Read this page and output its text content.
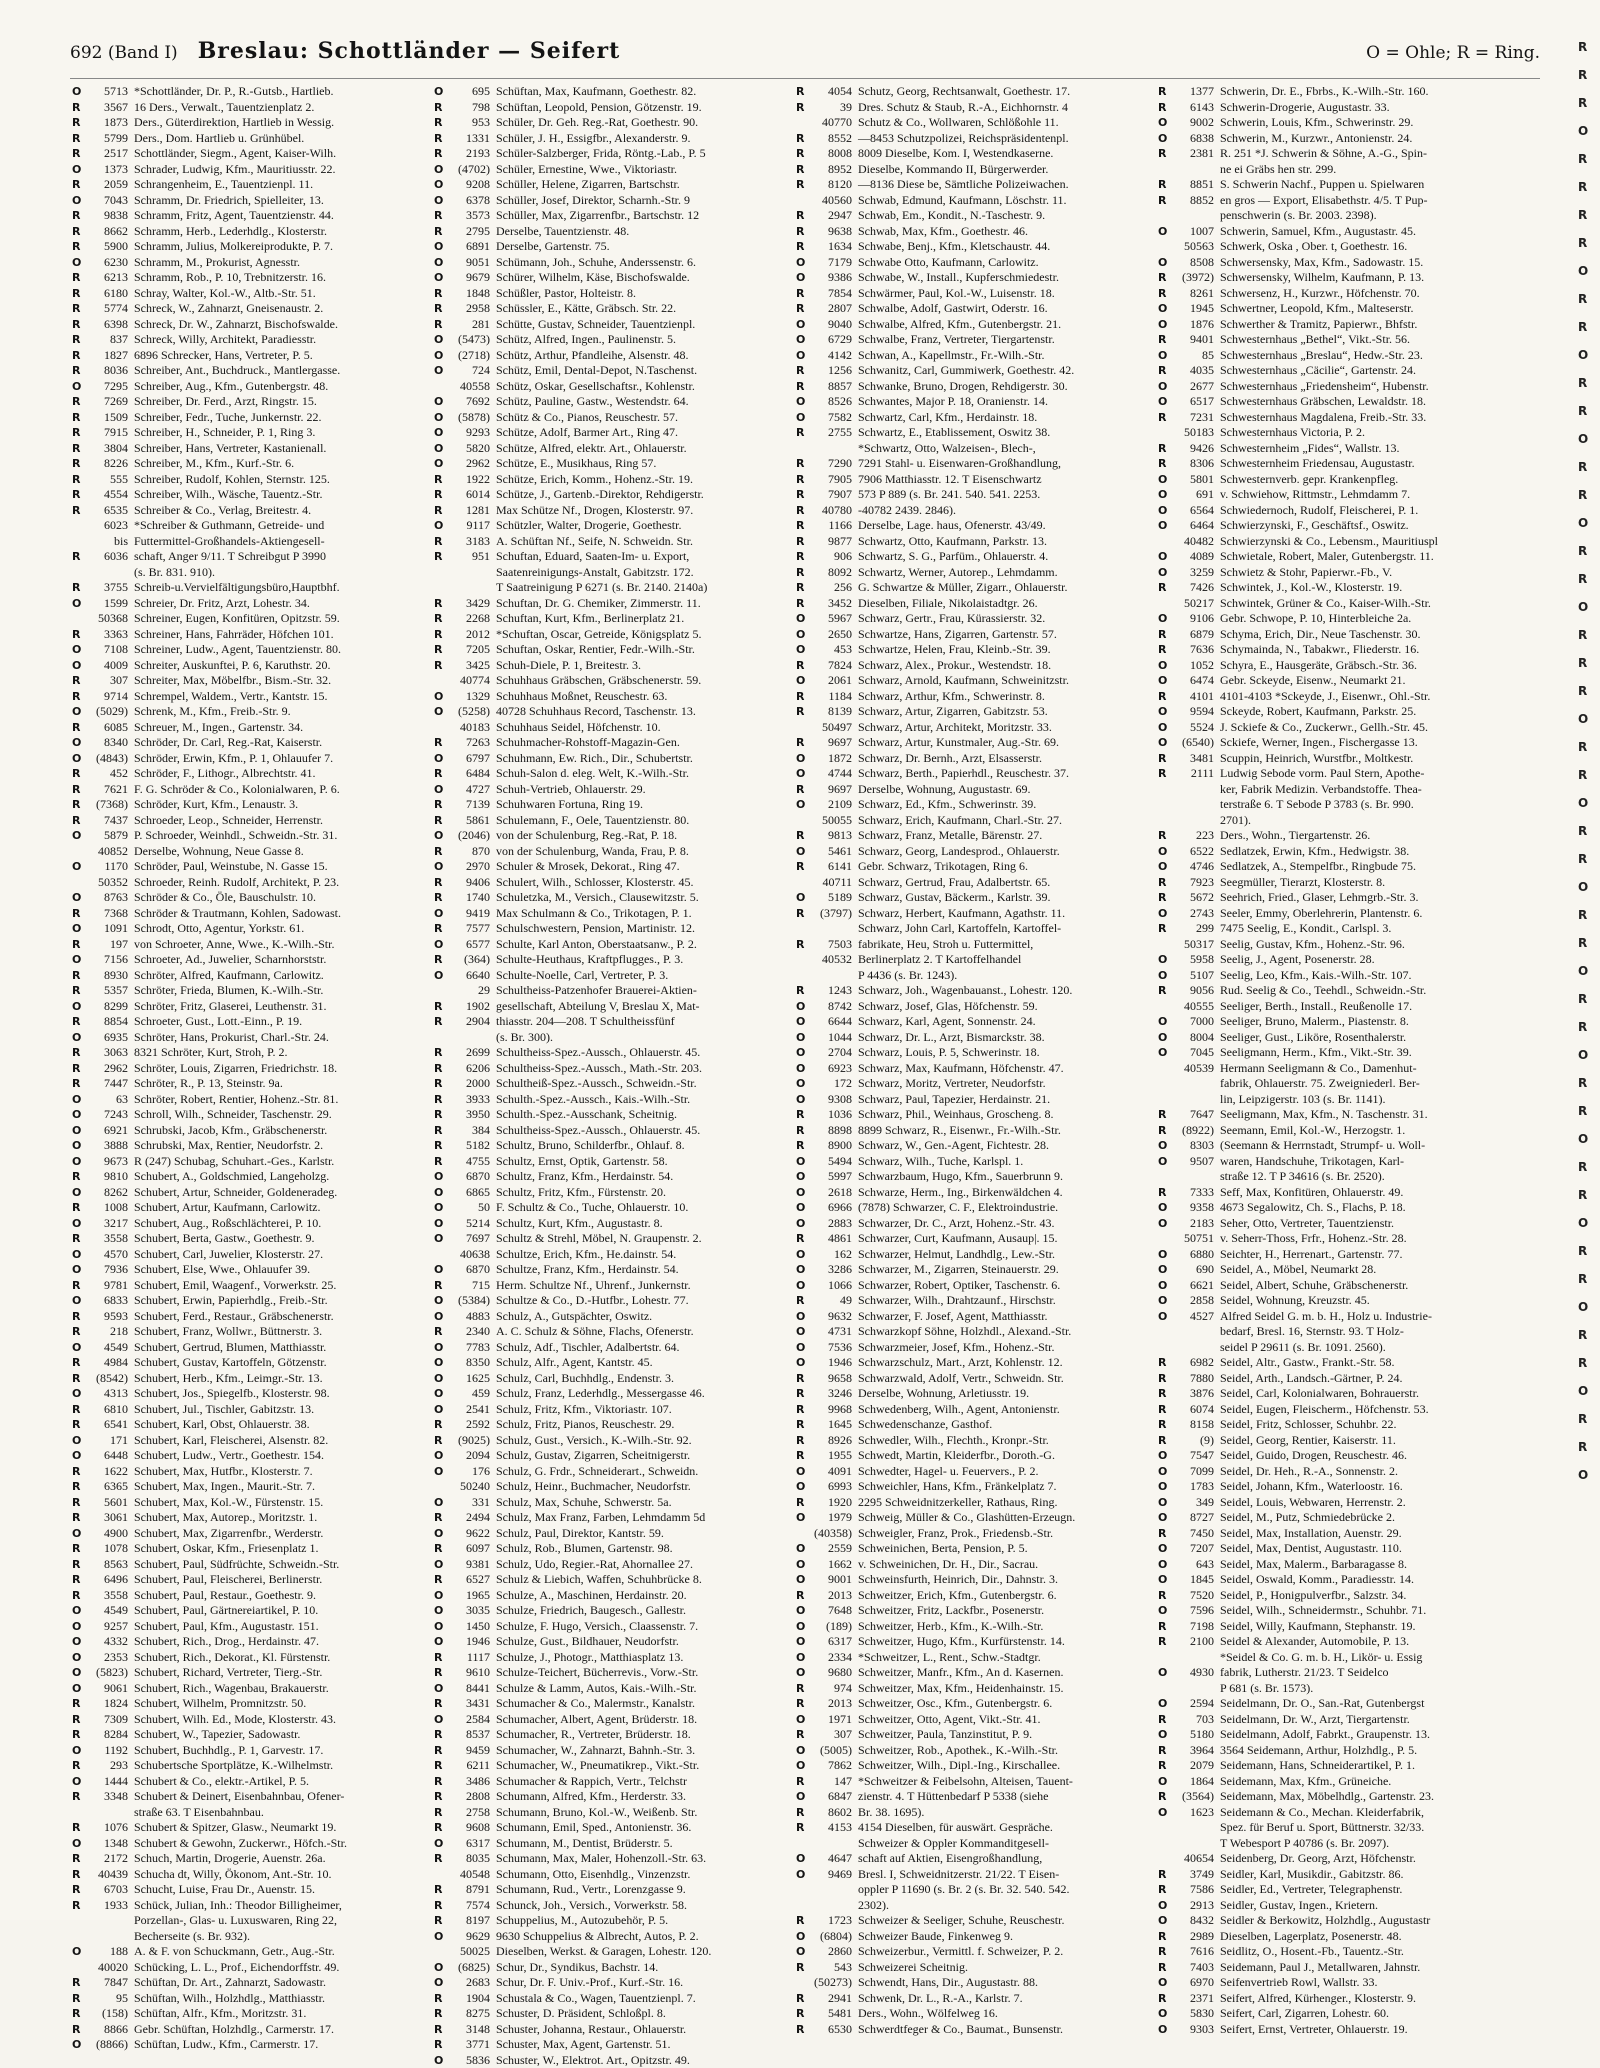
692 (Band I) Breslau: Schottländer — Seifert	O = Ohle; R = Ring.
O	5713 *Schottländer, Dr. P., R.-Gutsb., Hartlieb.
R	3567 16 Ders., Verwalt., Tauentzienplatz 2.
R	1873 Ders., Güterdirektion, Hartlieb in Wessig.
R	5799 Ders., Dom. Hartlieb u. Grünhübel.
R	2517 Schottländer, Siegm., Agent, Kaiser-Wilh.
O	1373 Schrader, Ludwig, Kfm., Mauritiusstr. 22.
R	2059 Schrangenheim, E., Tauentzienpl. 11.
O	7043 Schramm, Dr. Friedrich, Spielleiter, 13.
R	9838 Schramm, Fritz, Agent, Tauentzienstr. 44.
R	8662 Schramm, Herb., Lederhdlg., Klosterstr.
R	5900 Schramm, Julius, Molkereiprodukte, P. 7.
O	6230 Schramm, M., Prokurist, Agnesstr.
R	6213 Schramm, Rob., P. 10, Trebnitzerstr. 16.
R	6180 Schray, Walter, Kol.-W., Altb.-Str. 51.
R	5774 Schreck, W., Zahnarzt, Gneisenaustr. 2.
R	6398 Schreck, Dr. W., Zahnarzt, Bischofswalde.
R	837 Schreck, Willy, Architekt, Paradiesstr.
R	1827 6896 Schrecker, Hans, Vertreter, P. 5.
R	8036 Schreiber, Ant., Buchdruck., Mantlergasse.
O	7295 Schreiber, Aug., Kfm., Gutenbergstr. 48.
R	7269 Schreiber, Dr. Ferd., Arzt, Ringstr. 15.
R	1509 Schreiber, Fedr., Tuche, Junkernstr. 22.
R	7915 Schreiber, H., Schneider, P. 1, Ring 3.
R	3804 Schreiber, Hans, Vertreter, Kastanienall.
R	8226 Schreiber, M., Kfm., Kurf.-Str. 6.
R	555 Schreiber, Rudolf, Kohlen, Sternstr. 125.
R	4554 Schreiber, Wilh., Wäsche, Tauentz.-Str.
R	6535 Schreiber & Co., Verlag, Breitestr. 4.
6023 *Schreiber & Guthmann, Getreide- und
bis Futtermittel-Großhandels-Aktiengesell-
R	6036 schaft, Anger 9/11. T Schreibgut P 3990
(s. Br. 831. 910).
R	3755 Schreib-u.Vervielfältigungsbüro,Hauptbhf.
O	1599 Schreier, Dr. Fritz, Arzt, Lohestr. 34.
50368 Schreiner, Eugen, Konfitüren, Opitzstr. 59.
R	3363 Schreiner, Hans, Fahrräder, Höfchen 101.
O	7108 Schreiner, Ludw., Agent, Tauentzienstr. 80.
O	4009 Schreiter, Auskunftei, P. 6, Karuthstr. 20.
R	307 Schreiter, Max, Möbelfbr., Bism.-Str. 32.
R	9714 Schrempel, Waldem., Vertr., Kantstr. 15.
O	(5029) Schrenk, M., Kfm., Freib.-Str. 9.
R	6085 Schreuer, M., Ingen., Gartenstr. 34.
O	8340 Schröder, Dr. Carl, Reg.-Rat, Kaiserstr.
O	(4843) Schröder, Erwin, Kfm., P. 1, Ohlauufer 7.
R	452 Schröder, F., Lithogr., Albrechtstr. 41.
R	7621 F. G. Schröder & Co., Kolonialwaren, P. 6.
R	(7368) Schröder, Kurt, Kfm., Lenaustr. 3.
R	7437 Schroeder, Leop., Schneider, Herrenstr.
O	5879 P. Schroeder, Weinhdl., Schweidn.-Str. 31.
40852 Derselbe, Wohnung, Neue Gasse 8.
O	1170 Schröder, Paul, Weinstube, N. Gasse 15.
50352 Schroeder, Reinh. Rudolf, Architekt, P. 23.
O	8763 Schröder & Co., Öle, Bauschulstr. 10.
R	7368 Schröder & Trautmann, Kohlen, Sadowast.
O	1091 Schrodt, Otto, Agentur, Yorkstr. 61.
R	197 von Schroeter, Anne, Wwe., K.-Wilh.-Str.
O	7156 Schroeter, Ad., Juwelier, Scharnhorststr.
R	8930 Schröter, Alfred, Kaufmann, Carlowitz.
R	5357 Schröter, Frieda, Blumen, K.-Wilh.-Str.
O	8299 Schröter, Fritz, Glaserei, Leuthenstr. 31.
R	8854 Schroeter, Gust., Lott.-Einn., P. 19.
O	6935 Schröter, Hans, Prokurist, Charl.-Str. 24.
R	3063 8321 Schröter, Kurt, Stroh, P. 2.
R	2962 Schröter, Louis, Zigarren, Friedrichstr. 18.
R	7447 Schröter, R., P. 13, Steinstr. 9a.
O	63 Schröter, Robert, Rentier, Hohenz.-Str. 81.
O	7243 Schroll, Wilh., Schneider, Taschenstr. 29.
O	6921 Schrubski, Jacob, Kfm., Gräbschenerstr.
O	3888 Schrubski, Max, Rentier, Neudorfstr. 2.
O	9673 R (247) Schubag, Schuhart.-Ges., Karlstr.
R	9810 Schubert, A., Goldschmied, Langeholzg.
O	8262 Schubert, Artur, Schneider, Goldeneradeg.
R	1008 Schubert, Artur, Kaufmann, Carlowitz.
O	3217 Schubert, Aug., Roßschlächterei, P. 10.
R	3558 Schubert, Berta, Gastw., Goethestr. 9.
O	4570 Schubert, Carl, Juwelier, Klosterstr. 27.
O	7936 Schubert, Else, Wwe., Ohlauufer 39.
R	9781 Schubert, Emil, Waagenf., Vorwerkstr. 25.
O	6833 Schubert, Erwin, Papierhdlg., Freib.-Str.
R	9593 Schubert, Ferd., Restaur., Gräbschenerstr.
R	218 Schubert, Franz, Wollwr., Büttnerstr. 3.
O	4549 Schubert, Gertrud, Blumen, Matthiasstr.
R	4984 Schubert, Gustav, Kartoffeln, Götzenstr.
R	(8542) Schubert, Herb., Kfm., Leimgr.-Str. 13.
O	4313 Schubert, Jos., Spiegelfb., Klosterstr. 98.
R	6810 Schubert, Jul., Tischler, Gabitzstr. 13.
R	6541 Schubert, Karl, Obst, Ohlauerstr. 38.
O	171 Schubert, Karl, Fleischerei, Alsenstr. 82.
O	6448 Schubert, Ludw., Vertr., Goethestr. 154.
R	1622 Schubert, Max, Hutfbr., Klosterstr. 7.
R	6365 Schubert, Max, Ingen., Maurit.-Str. 7.
R	5601 Schubert, Max, Kol.-W., Fürstenstr. 15.
R	3061 Schubert, Max, Autorep., Moritzstr. 1.
O	4900 Schubert, Max, Zigarrenfbr., Werderstr.
R	1078 Schubert, Oskar, Kfm., Friesenplatz 1.
R	8563 Schubert, Paul, Südfrüchte, Schweidn.-Str.
R	6496 Schubert, Paul, Fleischerei, Berlinerstr.
R	3558 Schubert, Paul, Restaur., Goethestr. 9.
O	4549 Schubert, Paul, Gärtnereiartikel, P. 10.
O	9257 Schubert, Paul, Kfm., Augustastr. 151.
O	4332 Schubert, Rich., Drog., Herdainstr. 47.
O	2353 Schubert, Rich., Dekorat., Kl. Fürstenstr.
O	(5823) Schubert, Richard, Vertreter, Tierg.-Str.
O	9061 Schubert, Rich., Wagenbau, Brakauerstr.
R	1824 Schubert, Wilhelm, Promnitzstr. 50.
R	7309 Schubert, Wilh. Ed., Mode, Klosterstr. 43.
R	8284 Schubert, W., Tapezier, Sadowastr.
O	1192 Schubert, Buchhdlg., P. 1, Garvestr. 17.
R	293 Schubertsche Sportplätze, K.-Wilhelmstr.
O	1444 Schubert & Co., elektr.-Artikel, P. 5.
R	3348 Schubert & Deinert, Eisenbahnbau, Ofener-
straße 63. T Eisenbahnbau.
R	1076 Schubert & Spitzer, Glasw., Neumarkt 19.
O	1348 Schubert & Gewohn, Zuckerwr., Höfch.-Str.
R	2172 Schuch, Martin, Drogerie, Auenstr. 26a.
R	40439 Schucha dt, Willy, Ökonom, Ant.-Str. 10.
R	6703 Schucht, Luise, Frau Dr., Auenstr. 15.
R	1933 Schück, Julian, Inh.: Theodor Billigheimer,
Porzellan-, Glas- u. Luxuswaren, Ring 22,
Becherseite (s. Br. 932).
O	188 A. & F. von Schuckmann, Getr., Aug.-Str.
40020 Schücking, L. L., Prof., Eichendorffstr. 49.
R	7847 Schüftan, Dr. Art., Zahnarzt, Sadowastr.
R	95 Schüftan, Wilh., Holzhdlg., Matthiasstr.
R	(158) Schüftan, Alfr., Kfm., Moritzstr. 31.
R	8866 Gebr. Schüftan, Holzhdlg., Carmerstr. 17.
O	(8866) Schüftan, Ludw., Kfm., Carmerstr. 17.
O	695 Schüftan, Max, Kaufmann, Goethestr. 82.
R	798 Schüftan, Leopold, Pension, Götzenstr. 19.
R	953 Schüler, Dr. Geh. Reg.-Rat, Goethestr. 90.
R	1331 Schüler, J. H., Essigfbr., Alexanderstr. 9.
R	2193 Schüler-Salzberger, Frida, Röntg.-Lab., P. 5
O	(4702) Schüler, Ernestine, Wwe., Viktoriastr.
O	9208 Schüller, Helene, Zigarren, Bartschstr.
O	6378 Schüller, Josef, Direktor, Scharnh.-Str. 9
R	3573 Schüller, Max, Zigarrenfbr., Bartschstr. 12
R	2795 Derselbe, Tauentzienstr. 48.
O	6891 Derselbe, Gartenstr. 75.
O	9051 Schümann, Joh., Schuhe, Anderssenstr. 6.
O	9679 Schürer, Wilhelm, Käse, Bischofswalde.
R	1848 Schüßler, Pastor, Holteistr. 8.
R	2958 Schüssler, E., Kätte, Gräbsch. Str. 22.
R	281 Schütte, Gustav, Schneider, Tauentzienpl.
O	(5473) Schütz, Alfred, Ingen., Paulinenstr. 5.
O	(2718) Schütz, Arthur, Pfandleihe, Alsenstr. 48.
O	724 Schütz, Emil, Dental-Depot, N.Taschenst.
40558 Schütz, Oskar, Gesellschaftsr., Kohlenstr.
O	7692 Schütz, Pauline, Gastw., Westendstr. 64.
O	(5878) Schütz & Co., Pianos, Reuschestr. 57.
O	9293 Schütze, Adolf, Barmer Art., Ring 47.
O	5820 Schütze, Alfred, elektr. Art., Ohlauerstr.
O	2962 Schütze, E., Musikhaus, Ring 57.
R	1922 Schütze, Erich, Komm., Hohenz.-Str. 19.
R	6014 Schütze, J., Gartenb.-Direktor, Rehdigerstr.
R	1281 Max Schütze Nf., Drogen, Klosterstr. 97.
O	9117 Schützler, Walter, Drogerie, Goethestr.
R	3183 A. Schüftan Nf., Seife, N. Schweidn. Str.
R	951 Schuftan, Eduard, Saaten-Im- u. Export,
Saatenreinigungs-Anstalt, Gabitzstr. 172.
T Saatreinigung P 6271 (s. Br. 2140. 2140a)
R	3429 Schuftan, Dr. G. Chemiker, Zimmerstr. 11.
R	2268 Schuftan, Kurt, Kfm., Berlinerplatz 21.
R	2012 *Schuftan, Oscar, Getreide, Königsplatz 5.
R	7205 Schuftan, Oskar, Rentier, Fedr.-Wilh.-Str.
R	3425 Schuh-Diele, P. 1, Breitestr. 3.
40774 Schuhhaus Gräbschen, Gräbschenerstr. 59.
O	1329 Schuhhaus Moßnet, Reuschestr. 63.
O	(5258) 40728 Schuhhaus Record, Taschenstr. 13.
40183 Schuhhaus Seidel, Höfchenstr. 10.
R	7263 Schuhmacher-Rohstoff-Magazin-Gen.
O	6797 Schuhmann, Ew. Rich., Dir., Schubertstr.
R	6484 Schuh-Salon d. eleg. Welt, K.-Wilh.-Str.
O	4727 Schuh-Vertrieb, Ohlauerstr. 29.
R	7139 Schuhwaren Fortuna, Ring 19.
R	5861 Schulemann, F., Oele, Tauentzienstr. 80.
O	(2046) von der Schulenburg, Reg.-Rat, P. 18.
R	870 von der Schulenburg, Wanda, Frau, P. 8.
O	2970 Schuler & Mrosek, Dekorat., Ring 47.
R	9406 Schulert, Wilh., Schlosser, Klosterstr. 45.
R	1740 Schuletzka, M., Versich., Clausewitzstr. 5.
O	9419 Max Schulmann & Co., Trikotagen, P. 1.
R	7577 Schulschwestern, Pension, Martinistr. 12.
O	6577 Schulte, Karl Anton, Oberstaatsanw., P. 2.
R	(364) Schulte-Heuthaus, Kraftpflugges., P. 3.
O	6640 Schulte-Noelle, Carl, Vertreter, P. 3.
29 Schultheiss-Patzenhofer Brauerei-Aktien-
R	1902 gesellschaft, Abteilung V, Breslau X, Mat-
R	2904 thiasstr. 204—208. T Schultheissfünf
(s. Br. 300).
R	2699 Schultheiss-Spez.-Aussch., Ohlauerstr. 45.
R	6206 Schultheiss-Spez.-Aussch., Math.-Str. 203.
R	2000 Schultheiß-Spez.-Aussch., Schweidn.-Str.
R	3933 Schulth.-Spez.-Aussch., Kais.-Wilh.-Str.
R	3950 Schulth.-Spez.-Ausschank, Scheitnig.
R	384 Schultheiss-Spez.-Aussch., Ohlauerstr. 45.
R	5182 Schultz, Bruno, Schilderfbr., Ohlauf. 8.
R	4755 Schultz, Ernst, Optik, Gartenstr. 58.
O	6870 Schultz, Franz, Kfm., Herdainstr. 54.
O	6865 Schultz, Fritz, Kfm., Fürstenstr. 20.
O	50 F. Schultz & Co., Tuche, Ohlauerstr. 10.
O	5214 Schultz, Kurt, Kfm., Augustastr. 8.
O	7697 Schultz & Strehl, Möbel, N. Graupenstr. 2.
40638 Schultze, Erich, Kfm., He.dainstr. 54.
O	6870 Schultze, Franz, Kfm., Herdainstr. 54.
R	715 Herm. Schultze Nf., Uhrenf., Junkernstr.
O	(5384) Schultze & Co., D.-Hutfbr., Lohestr. 77.
O	4883 Schulz, A., Gutspächter, Oswitz.
R	2340 A. C. Schulz & Söhne, Flachs, Ofenerstr.
O	7783 Schulz, Adf., Tischler, Adalbertstr. 64.
O	8350 Schulz, Alfr., Agent, Kantstr. 45.
O	1625 Schulz, Carl, Buchhdlg., Endenstr. 3.
O	459 Schulz, Franz, Lederhdlg., Messergasse 46.
O	2541 Schulz, Fritz, Kfm., Viktoriastr. 107.
R	2592 Schulz, Fritz, Pianos, Reuschestr. 29.
R	(9025) Schulz, Gust., Versich., K.-Wilh.-Str. 92.
O	2094 Schulz, Gustav, Zigarren, Scheitnigerstr.
O	176 Schulz, G. Frdr., Schneiderart., Schweidn.
50240 Schulz, Heinr., Buchmacher, Neudorfstr.
O	331 Schulz, Max, Schuhe, Schwerstr. 5a.
R	2494 Schulz, Max Franz, Farben, Lehmdamm 5d
O	9622 Schulz, Paul, Direktor, Kantstr. 59.
R	6097 Schulz, Rob., Blumen, Gartenstr. 98.
O	9381 Schulz, Udo, Regier.-Rat, Ahornallee 27.
R	6527 Schulz & Liebich, Waffen, Schuhbrücke 8.
O	1965 Schulze, A., Maschinen, Herdainstr. 20.
O	3035 Schulze, Friedrich, Baugesch., Gallestr.
O	1450 Schulze, F. Hugo, Versich., Claassenstr. 7.
O	1946 Schulze, Gust., Bildhauer, Neudorfstr.
R	1117 Schulze, J., Photogr., Matthiasplatz 13.
R	9610 Schulze-Teichert, Bücherrevis., Vorw.-Str.
O	8441 Schulze & Lamm, Autos, Kais.-Wilh.-Str.
R	3431 Schumacher & Co., Malermstr., Kanalstr.
O	2584 Schumacher, Albert, Agent, Brüderstr. 18.
R	8537 Schumacher, R., Vertreter, Brüderstr. 18.
R	9459 Schumacher, W., Zahnarzt, Bahnh.-Str. 3.
R	6211 Schumacher, W., Pneumatikrep., Vikt.-Str.
R	3486 Schumacher & Rappich, Vertr., Telchstr
R	2808 Schumann, Alfred, Kfm., Herderstr. 33.
R	2758 Schumann, Bruno, Kol.-W., Weißenb. Str.
R	9608 Schumann, Emil, Sped., Antonienstr. 36.
O	6317 Schumann, M., Dentist, Brüderstr. 5.
R	8035 Schumann, Max, Maler, Hohenzoll.-Str. 63.
40548 Schumann, Otto, Eisenhdlg., Vinzenzstr.
R	8791 Schumann, Rud., Vertr., Lorenzgasse 9.
R	7574 Schunck, Joh., Versich., Vorwerkstr. 58.
R	8197 Schuppelius, M., Autozubehör, P. 5.
O	9629 9630 Schuppelius & Albrecht, Autos, P. 2.
50025 Dieselben, Werkst. & Garagen, Lohestr. 120.
O	(6825) Schur, Dr., Syndikus, Bachstr. 14.
O	2683 Schur, Dr. F. Univ.-Prof., Kurf.-Str. 16.
R	1904 Schustala & Co., Wagen, Tauentzienpl. 7.
R	8275 Schuster, D. Präsident, Schloßpl. 8.
R	3148 Schuster, Johanna, Restaur., Ohlauerstr.
R	3771 Schuster, Max, Agent, Gartenstr. 51.
O	5836 Schuster, W., Elektrot. Art., Opitzstr. 49.
R	4054 Schutz, Georg, Rechtsanwalt, Goethestr. 17.
R	39 Dres. Schutz & Staub, R.-A., Eichhornstr. 4
40770 Schutz & Co., Wollwaren, Schlößohle 11.
R	8552 —8453 Schutzpolizei, Reichspräsidentenpl.
R	8008 8009 Dieselbe, Kom. I, Westendkaserne.
R	8952 Dieselbe, Kommando II, Bürgerwerder.
R	8120 —8136 Diese be, Sämtliche Polizeiwachen.
40560 Schwab, Edmund, Kaufmann, Löschstr. 11.
R	2947 Schwab, Em., Kondit., N.-Taschestr. 9.
R	9638 Schwab, Max, Kfm., Goethestr. 46.
R	1634 Schwabe, Benj., Kfm., Kletschaustr. 44.
O	7179 Schwabe Otto, Kaufmann, Carlowitz.
O	9386 Schwabe, W., Install., Kupferschmiedestr.
R	7854 Schwärmer, Paul, Kol.-W., Luisenstr. 18.
R	2807 Schwalbe, Adolf, Gastwirt, Oderstr. 16.
O	9040 Schwalbe, Alfred, Kfm., Gutenbergstr. 21.
O	6729 Schwalbe, Franz, Vertreter, Tiergartenstr.
O	4142 Schwan, A., Kapellmstr., Fr.-Wilh.-Str.
R	1256 Schwanitz, Carl, Gummiwerk, Goethestr. 42.
R	8857 Schwanke, Bruno, Drogen, Rehdigerstr. 30.
O	8526 Schwantes, Major P. 18, Oranienstr. 14.
O	7582 Schwartz, Carl, Kfm., Herdainstr. 18.
R	2755 Schwartz, E., Etablissement, Oswitz 38.
*Schwartz, Otto, Walzeisen-, Blech-,
R	7290 7291 Stahl- u. Eisenwaren-Großhandlung,
R	7905 7906 Matthiasstr. 12. T Eisenschwartz
R	7907 573 P 889 (s. Br. 241. 540. 541. 2253.
R	40780 -40782 2439. 2846).
R	1166 Derselbe, Lage. haus, Ofenerstr. 43/49.
R	9877 Schwartz, Otto, Kaufmann, Parkstr. 13.
R	906 Schwartz, S. G., Parfüm., Ohlauerstr. 4.
R	8092 Schwartz, Werner, Autorep., Lehmdamm.
R	256 G. Schwartze & Müller, Zigarr., Ohlauerstr.
R	3452 Dieselben, Filiale, Nikolaistadtgr. 26.
O	5967 Schwarz, Gertr., Frau, Kürassierstr. 32.
O	2650 Schwartze, Hans, Zigarren, Gartenstr. 57.
O	453 Schwartze, Helen, Frau, Kleinb.-Str. 39.
R	7824 Schwarz, Alex., Prokur., Westendstr. 18.
O	2061 Schwarz, Arnold, Kaufmann, Schweinitzstr.
R	1184 Schwarz, Arthur, Kfm., Schwerinstr. 8.
R	8139 Schwarz, Artur, Zigarren, Gabitzstr. 53.
50497 Schwarz, Artur, Architekt, Moritzstr. 33.
R	9697 Schwarz, Artur, Kunstmaler, Aug.-Str. 69.
O	1872 Schwarz, Dr. Bernh., Arzt, Elsasserstr.
O	4744 Schwarz, Berth., Papierhdl., Reuschestr. 37.
R	9697 Derselbe, Wohnung, Augustastr. 69.
O	2109 Schwarz, Ed., Kfm., Schwerinstr. 39.
50055 Schwarz, Erich, Kaufmann, Charl.-Str. 27.
R	9813 Schwarz, Franz, Metalle, Bärenstr. 27.
O	5461 Schwarz, Georg, Landesprod., Ohlauerstr.
R	6141 Gebr. Schwarz, Trikotagen, Ring 6.
40711 Schwarz, Gertrud, Frau, Adalbertstr. 65.
O	5189 Schwarz, Gustav, Bäckerm., Karlstr. 39.
R	(3797) Schwarz, Herbert, Kaufmann, Agathstr. 11.
Schwarz, John Carl, Kartoffeln, Kartoffel-
R	7503 fabrikate, Heu, Stroh u. Futtermittel,
40532 Berlinerplatz 2. T Kartoffelhandel
P 4436 (s. Br. 1243).
R	1243 Schwarz, Joh., Wagenbauanst., Lohestr. 120.
O	8742 Schwarz, Josef, Glas, Höfchenstr. 59.
O	6644 Schwarz, Karl, Agent, Sonnenstr. 24.
O	1044 Schwarz, Dr. L., Arzt, Bismarckstr. 38.
O	2704 Schwarz, Louis, P. 5, Schwerinstr. 18.
O	6923 Schwarz, Max, Kaufmann, Höfchenstr. 47.
O	172 Schwarz, Moritz, Vertreter, Neudorfstr.
O	9308 Schwarz, Paul, Tapezier, Herdainstr. 21.
R	1036 Schwarz, Phil., Weinhaus, Groscheng. 8.
R	8898 8899 Schwarz, R., Eisenwr., Fr.-Wilh.-Str.
R	8900 Schwarz, W., Gen.-Agent, Fichtestr. 28.
O	5494 Schwarz, Wilh., Tuche, Karlspl. 1.
O	5997 Schwarzbaum, Hugo, Kfm., Sauerbrunn 9.
O	2618 Schwarze, Herm., Ing., Birkenwäldchen 4.
O	6966 (7878) Schwarzer, C. F., Elektroindustrie.
O	2883 Schwarzer, Dr. C., Arzt, Hohenz.-Str. 43.
R	4861 Schwarzer, Curt, Kaufmann, Ausaup|. 15.
O	162 Schwarzer, Helmut, Landhdlg., Lew.-Str.
O	3286 Schwarzer, M., Zigarren, Steinauerstr. 29.
O	1066 Schwarzer, Robert, Optiker, Taschenstr. 6.
R	49 Schwarzer, Wilh., Drahtzaunf., Hirschstr.
O	9632 Schwarzer, F. Josef, Agent, Matthiasstr.
O	4731 Schwarzkopf Söhne, Holzhdl., Alexand.-Str.
O	7536 Schwarzmeier, Josef, Kfm., Hohenz.-Str.
O	1946 Schwarzschulz, Mart., Arzt, Kohlenstr. 12.
R	9658 Schwarzwald, Adolf, Vertr., Schweidn. Str.
R	3246 Derselbe, Wohnung, Arletiusstr. 19.
R	9968 Schwedenberg, Wilh., Agent, Antonienstr.
R	1645 Schwedenschanze, Gasthof.
R	8926 Schwedler, Wilh., Flechth., Kronpr.-Str.
R	1955 Schwedt, Martin, Kleiderfbr., Doroth.-G.
O	4091 Schwedter, Hagel- u. Feuervers., P. 2.
O	6993 Schweichler, Hans, Kfm., Fränkelplatz 7.
R	1920 2295 Schweidnitzerkeller, Rathaus, Ring.
O	1979 Schweig, Müller & Co., Glashütten-Erzeugn.
(40358) Schweigler, Franz, Prok., Friedensb.-Str.
O	2559 Schweinichen, Berta, Pension, P. 5.
O	1662 v. Schweinichen, Dr. H., Dir., Sacrau.
O	9001 Schweinsfurth, Heinrich, Dir., Dahnstr. 3.
R	2013 Schweitzer, Erich, Kfm., Gutenbergstr. 6.
O	7648 Schweitzer, Fritz, Lackfbr., Posenerstr.
O	(189) Schweitzer, Herb., Kfm., K.-Wilh.-Str.
O	6317 Schweitzer, Hugo, Kfm., Kurfürstenstr. 14.
O	2334 *Schweitzer, L., Rent., Schw.-Stadtgr.
O	9680 Schweitzer, Manfr., Kfm., An d. Kasernen.
R	974 Schweitzer, Max, Kfm., Heidenhainstr. 15.
R	2013 Schweitzer, Osc., Kfm., Gutenbergstr. 6.
O	1971 Schweitzer, Otto, Agent, Vikt.-Str. 41.
R	307 Schweitzer, Paula, Tanzinstitut, P. 9.
O	(5005) Schweitzer, Rob., Apothek., K.-Wilh.-Str.
O	7862 Schweitzer, Wilh., Dipl.-Ing., Kirschallee.
R	147 *Schweitzer & Feibelsohn, Alteisen, Tauent-
O	6847 zienstr. 4. T Hüttenbedarf P 5338 (siehe
R	8602 Br. 38. 1695).
R	4153 4154 Dieselben, für auswärt. Gespräche.
Schweizer & Oppler Kommanditgesell-
O	4647 schaft auf Aktien, Eisengroßhandlung,
O	9469 Bresl. I, Schweidnitzerstr. 21/22. T Eisen-
oppler P 11690 (s. Br. 2 (s. Br. 32. 540. 542.
2302).
R	1723 Schweizer & Seeliger, Schuhe, Reuschestr.
O	(6804) Schweizer Baude, Finkenweg 9.
O	2860 Schweizerbur., Vermittl. f. Schweizer, P. 2.
R	543 Schweizerei Scheitnig.
(50273) Schwendt, Hans, Dir., Augustastr. 88.
R	2941 Schwenk, Dr. L., R.-A., Karlstr. 7.
R	5481 Ders., Wohn., Wölfelweg 16.
R	6530 Schwerdtfeger & Co., Baumat., Bunsenstr.
R	1377 Schwerin, Dr. E., Fbrbs., K.-Wilh.-Str. 160.
R	6143 Schwerin-Drogerie, Augustastr. 33.
O	9002 Schwerin, Louis, Kfm., Schwerinstr. 29.
O	6838 Schwerin, M., Kurzwr., Antonienstr. 24.
R	2381 R. 251 *J. Schwerin & Söhne, A.-G., Spin-
ne ei Gräbs hen str. 299.
R	8851 S. Schwerin Nachf., Puppen u. Spielwaren
R	8852 en gros — Export, Elisabethstr. 4/5. T Pup-
penschwerin (s. Br. 2003. 2398).
O	1007 Schwerin, Samuel, Kfm., Augustastr. 45.
50563 Schwerk, Oska , Ober. t, Goethestr. 16.
O	8508 Schwersensky, Max, Kfm., Sadowastr. 15.
R	(3972) Schwersensky, Wilhelm, Kaufmann, P. 13.
R	8261 Schwersenz, H., Kurzwr., Höfchenstr. 70.
O	1945 Schwertner, Leopold, Kfm., Malteserstr.
O	1876 Schwerther & Tramitz, Papierwr., Bhfstr.
R	9401 Schwesternhaus „Bethel“, Vikt.-Str. 56.
O	85 Schwesternhaus „Breslau“, Hedw.-Str. 23.
R	4035 Schwesternhaus „Cäcilie“, Gartenstr. 24.
O	2677 Schwesternhaus „Friedensheim“, Hubenstr.
O	6517 Schwesternhaus Gräbschen, Lewaldstr. 18.
R	7231 Schwesternhaus Magdalena, Freib.-Str. 33.
50183 Schwesternhaus Victoria, P. 2.
R	9426 Schwesternheim „Fides“, Wallstr. 13.
R	8306 Schwesternheim Friedensau, Augustastr.
O	5801 Schwesternverb. gepr. Krankenpfleg.
O	691 v. Schwiehow, Rittmstr., Lehmdamm 7.
O	6564 Schwiedernoch, Rudolf, Fleischerei, P. 1.
O	6464 Schwierzynski, F., Geschäftsf., Oswitz.
40482 Schwierzynski & Co., Lebensm., Mauritiuspl
O	4089 Schwietale, Robert, Maler, Gutenbergstr. 11.
O	3259 Schwietz & Stohr, Papierwr.-Fb., V.
R	7426 Schwintek, J., Kol.-W., Klosterstr. 19.
50217 Schwintek, Grüner & Co., Kaiser-Wilh.-Str.
O	9106 Gebr. Schwope, P. 10, Hinterbleiche 2a.
R	6879 Schyma, Erich, Dir., Neue Taschenstr. 30.
R	7636 Schymainda, N., Tabakwr., Fliederstr. 16.
O	1052 Schyra, E., Hausgeräte, Gräbsch.-Str. 36.
O	6474 Gebr. Sckeyde, Eisenw., Neumarkt 21.
R	4101 4101-4103 *Sckeyde, J., Eisenwr., Ohl.-Str.
O	9594 Sckeyde, Robert, Kaufmann, Parkstr. 25.
O	5524 J. Sckiefe & Co., Zuckerwr., Gellh.-Str. 45.
O	(6540) Sckiefe, Werner, Ingen., Fischergasse 13.
R	3481 Scuppin, Heinrich, Wurstfbr., Moltkestr.
R	2111 Ludwig Sebode vorm. Paul Stern, Apothe-
ker, Fabrik Medizin. Verbandstoffe. Thea-
terstraße 6. T Sebode P 3783 (s. Br. 990.
2701).
R	223 Ders., Wohn., Tiergartenstr. 26.
O	6522 Sedlatzek, Erwin, Kfm., Hedwigstr. 38.
O	4746 Sedlatzek, A., Stempelfbr., Ringbude 75.
R	7923 Seegmüller, Tierarzt, Klosterstr. 8.
R	5672 Seehrich, Fried., Glaser, Lehmgrb.-Str. 3.
O	2743 Seeler, Emmy, Oberlehrerin, Plantenstr. 6.
R	299 7475 Seelig, E., Kondit., Carlspl. 3.
50317 Seelig, Gustav, Kfm., Hohenz.-Str. 96.
O	5958 Seelig, J., Agent, Posenerstr. 28.
O	5107 Seelig, Leo, Kfm., Kais.-Wilh.-Str. 107.
R	9056 Rud. Seelig & Co., Teehdl., Schweidn.-Str.
40555 Seeliger, Berth., Install., Reußenolle 17.
O	7000 Seeliger, Bruno, Malerm., Piastenstr. 8.
O	8004 Seeliger, Gust., Liköre, Rosenthalerstr.
O	7045 Seeligmann, Herm., Kfm., Vikt.-Str. 39.
40539 Hermann Seeligmann & Co., Damenhut-
fabrik, Ohlauerstr. 75. Zweigniederl. Ber-
lin, Leipzigerstr. 103 (s. Br. 1141).
R	7647 Seeligmann, Max, Kfm., N. Taschenstr. 31.
R	(8922) Seemann, Emil, Kol.-W., Herzogstr. 1.
O	8303 (Seemann & Herrnstadt, Strumpf- u. Woll-
O	9507 waren, Handschuhe, Trikotagen, Karl-
straße 12. T P 34616 (s. Br. 2520).
R	7333 Seff, Max, Konfitüren, Ohlauerstr. 49.
O	9358 4673 Segalowitz, Ch. S., Flachs, P. 18.
O	2183 Seher, Otto, Vertreter, Tauentzienstr.
50751 v. Seherr-Thoss, Frfr., Hohenz.-Str. 28.
O	6880 Seichter, H., Herrenart., Gartenstr. 77.
O	690 Seidel, A., Möbel, Neumarkt 28.
O	6621 Seidel, Albert, Schuhe, Gräbschenerstr.
O	2858 Seidel, Wohnung, Kreuzstr. 45.
O	4527 Alfred Seidel G. m. b. H., Holz u. Industrie-
bedarf, Bresl. 16, Sternstr. 93. T Holz-
seidel P 29611 (s. Br. 1091. 2560).
R	6982 Seidel, Altr., Gastw., Frankt.-Str. 58.
R	7880 Seidel, Arth., Landsch.-Gärtner, P. 24.
R	3876 Seidel, Carl, Kolonialwaren, Bohrauerstr.
R	6074 Seidel, Eugen, Fleischerm., Höfchenstr. 53.
R	8158 Seidel, Fritz, Schlosser, Schuhbr. 22.
R	(9) Seidel, Georg, Rentier, Kaiserstr. 11.
O	7547 Seidel, Guido, Drogen, Reuschestr. 46.
O	7099 Seidel, Dr. Heh., R.-A., Sonnenstr. 2.
O	1783 Seidel, Johann, Kfm., Waterloostr. 16.
O	349 Seidel, Louis, Webwaren, Herrenstr. 2.
O	8727 Seidel, M., Putz, Schmiedebrücke 2.
R	7450 Seidel, Max, Installation, Auenstr. 29.
O	7207 Seidel, Max, Dentist, Augustastr. 110.
O	643 Seidel, Max, Malerm., Barbaragasse 8.
O	1845 Seidel, Oswald, Komm., Paradiesstr. 14.
R	7520 Seidel, P., Honigpulverfbr., Salzstr. 34.
O	7596 Seidel, Wilh., Schneidermstr., Schuhbr. 71.
R	7198 Seidel, Willy, Kaufmann, Stephanstr. 19.
R	2100 Seidel & Alexander, Automobile, P. 13.
*Seidel & Co. G. m. b. H., Likör- u. Essig
O	4930 fabrik, Lutherstr. 21/23. T Seidelco
P 681 (s. Br. 1573).
O	2594 Seidelmann, Dr. O., San.-Rat, Gutenbergst
R	703 Seidelmann, Dr. W., Arzt, Tiergartenstr.
O	5180 Seidelmann, Adolf, Fabrkt., Graupenstr. 13.
R	3964 3564 Seidemann, Arthur, Holzhdlg., P. 5.
R	2079 Seidemann, Hans, Schneiderartikel, P. 1.
O	1864 Seidemann, Max, Kfm., Grüneiche.
R	(3564) Seidemann, Max, Möbelhdlg., Gartenstr. 23.
O	1623 Seidemann & Co., Mechan. Kleiderfabrik,
Spez. für Beruf u. Sport, Büttnerstr. 32/33.
T Webesport P 40786 (s. Br. 2097).
40654 Seidenberg, Dr. Georg, Arzt, Höfchenstr.
R	3749 Seidler, Karl, Musikdir., Gabitzstr. 86.
R	7586 Seidler, Ed., Vertreter, Telegraphenstr.
O	2913 Seidler, Gustav, Ingen., Krietern.
O	8432 Seidler & Berkowitz, Holzhdlg., Augustastr
R	2989 Dieselben, Lagerplatz, Posenerstr. 48.
R	7616 Seidlitz, O., Hosent.-Fb., Tauentz.-Str.
R	7403 Seidemann, Paul J., Metallwaren, Jahnstr.
O	6970 Seifenvertrieb Rowl, Wallstr. 33.
R	2371 Seifert, Alfred, Kürhenger., Klosterstr. 9.
O	5830 Seifert, Carl, Zigarren, Lohestr. 60.
O	9303 Seifert, Ernst, Vertreter, Ohlauerstr. 19.
R
R
R
O
R
R
R
R
O
R
R
O
R
R
O
R
R
O
R
R
O
R
R
R
O
R
R
O
R
R
O
R
R
O
R
R
O
R
R
O
R
R
O
R
R
O
R
R
O
R
R
O
